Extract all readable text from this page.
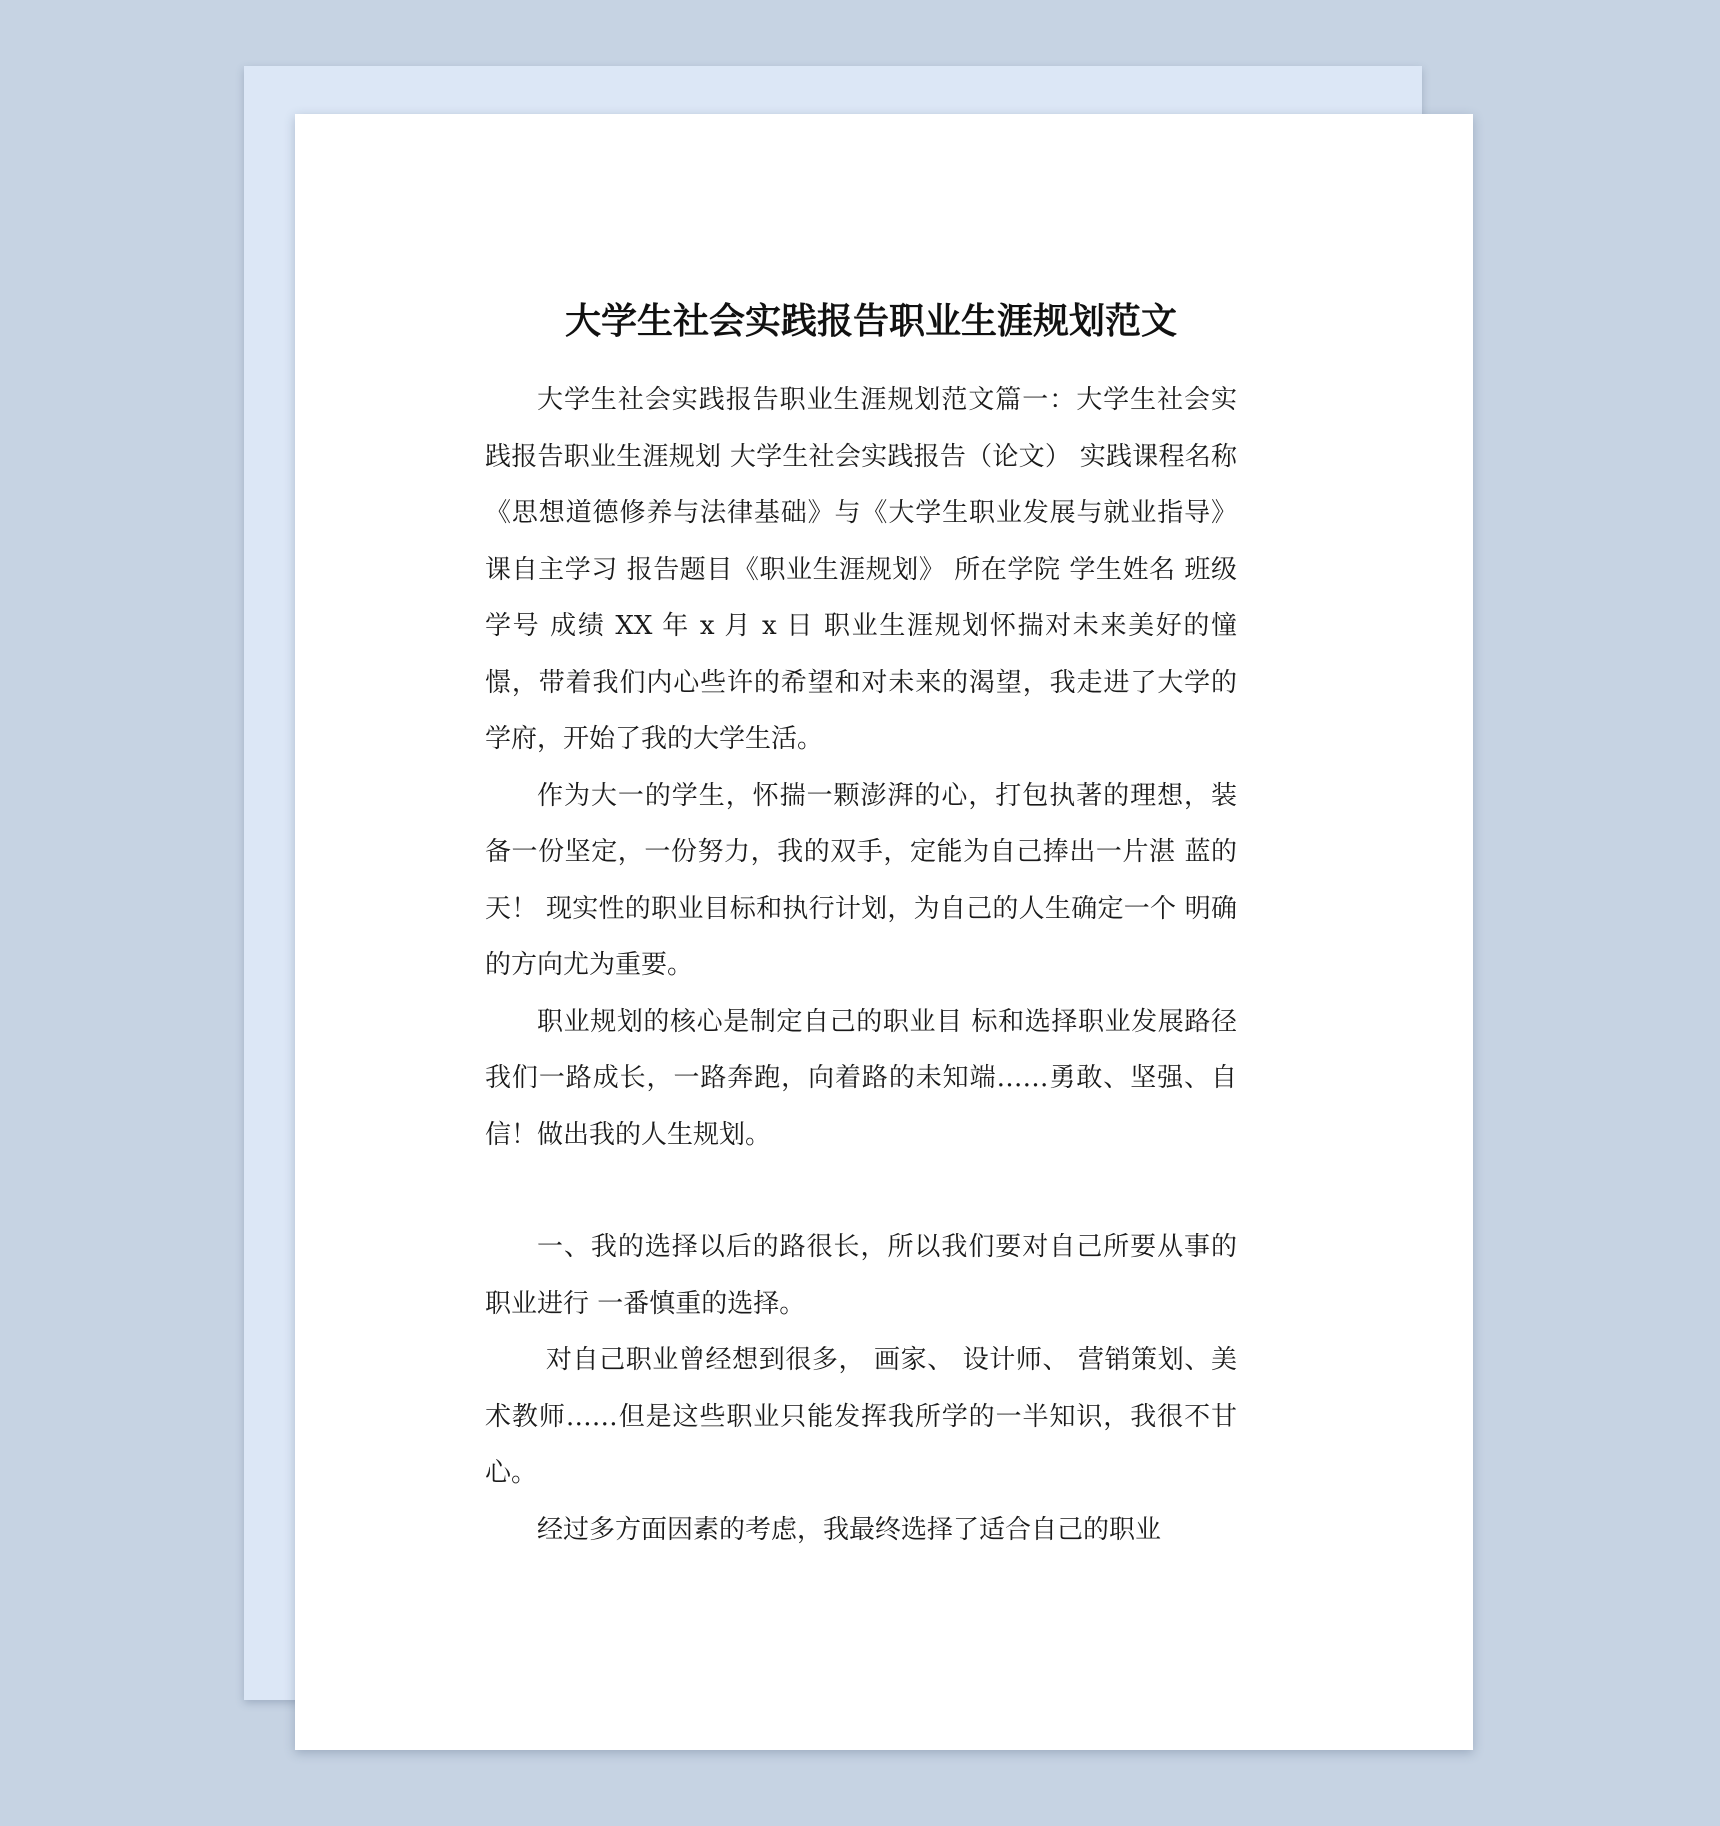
大学生社会实践报告职业生涯规划范文

大学生社会实践报告职业生涯规划范文篇一：大学生社会实践报告职业生涯规划 大学生社会实践报告（论文） 实践课程名称《思想道德修养与法律基础》与《大学生职业发展与就业指导》课自主学习 报告题目《职业生涯规划》 所在学院 学生姓名 班级学号 成绩 XX 年 x 月 x 日 职业生涯规划怀揣对未来美好的憧憬，带着我们内心些许的希望和对未来的渴望，我走进了大学的学府，开始了我的大学生活。

作为大一的学生，怀揣一颗澎湃的心，打包执著的理想，装备一份坚定，一份努力，我的双手，定能为自己捧出一片湛 蓝的天！ 现实性的职业目标和执行计划，为自己的人生确定一个 明确的方向尤为重要。

职业规划的核心是制定自己的职业目 标和选择职业发展路径我们一路成长，一路奔跑，向着路的未知端……勇敢、坚强、自信！做出我的人生规划。

一、我的选择以后的路很长，所以我们要对自己所要从事的职业进行 一番慎重的选择。

对自己职业曾经想到很多， 画家、 设计师、 营销策划、美术教师……但是这些职业只能发挥我所学的一半知识，我很不甘心。

经过多方面因素的考虑，我最终选择了适合自己的职业
